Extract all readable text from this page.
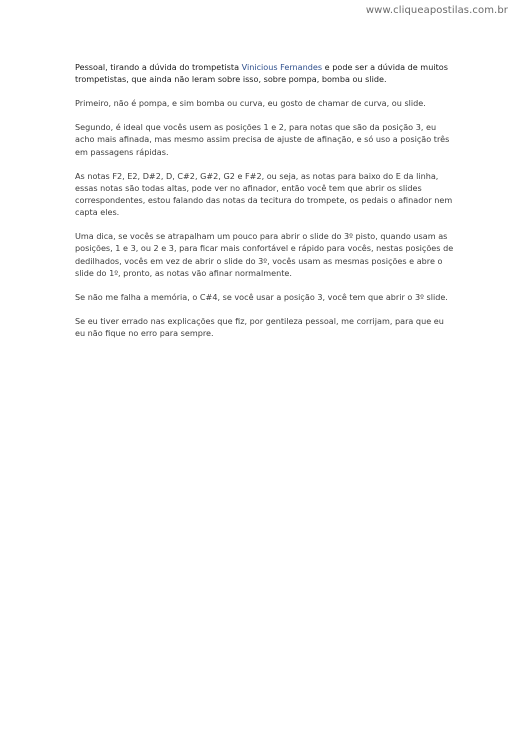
www.cliqueapostilas.com.br

Pessoal, tirando a dúvida do trompetista Vinicious Fernandes e pode ser a dúvida de muitos trompetistas, que ainda não leram sobre isso, sobre pompa, bomba ou slide.

Primeiro, não é pompa, e sim bomba ou curva, eu gosto de chamar de curva, ou slide.

Segundo, é ideal que vocês usem as posições 1 e 2, para notas que são da posição 3, eu acho mais afinada, mas mesmo assim precisa de ajuste de afinação, e só uso a posição três em passagens rápidas.

As notas F2, E2, D#2, D, C#2, G#2, G2 e F#2, ou seja, as notas para baixo do E da linha, essas notas são todas altas, pode ver no afinador, então você tem que abrir os slides correspondentes, estou falando das notas da tecitura do trompete, os pedais o afinador nem capta eles.

Uma dica, se vocês se atrapalham um pouco para abrir o slide do 3º pisto, quando usam as posições, 1 e 3, ou 2 e 3, para ficar mais confortável e rápido para vocês, nestas posições de dedilhados, vocês em vez de abrir o slide do 3º, vocês usam as mesmas posições e abre o slide do 1º, pronto, as notas vão afinar normalmente.

Se não me falha a memória, o C#4, se você usar a posição 3, você tem que abrir o 3º slide.

Se eu tiver errado nas explicações que fiz, por gentileza pessoal, me corrijam, para que eu eu não fique no erro para sempre.
